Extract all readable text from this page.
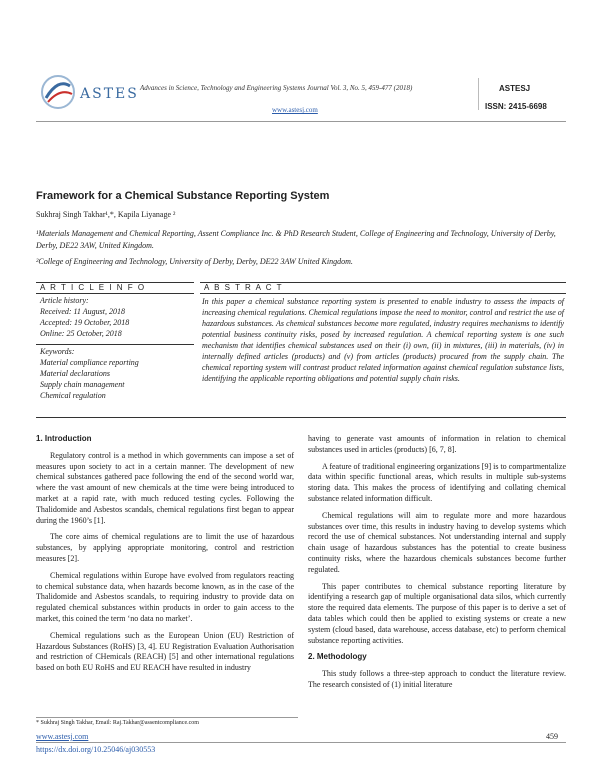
ASTES Advances in Science, Technology and Engineering Systems Journal Vol. 3, No. 5, 459-477 (2018)
www.astesj.com
ASTESJ
ISSN: 2415-6698
Framework for a Chemical Substance Reporting System
Sukhraj Singh Takhar¹,*, Kapila Liyanage ²
¹Materials Management and Chemical Reporting, Assent Compliance Inc. & PhD Research Student, College of Engineering and Technology, University of Derby, Derby, DE22 3AW, United Kingdom.
²College of Engineering and Technology, University of Derby, Derby, DE22 3AW United Kingdom.
A R T I C L E I N F O
Article history:
Received: 11 August, 2018
Accepted: 19 October, 2018
Online: 25 October, 2018
Keywords:
Material compliance reporting
Material declarations
Supply chain management
Chemical regulation
A B S T R A C T
In this paper a chemical substance reporting system is presented to enable industry to assess the impacts of increasing chemical regulations. Chemical regulations impose the need to monitor, control and restrict the use of hazardous substances. As chemical substances become more regulated, industry requires mechanisms to identify potential business continuity risks, posed by increased regulation. A chemical reporting system is one such mechanism that identifies chemical substances used on their (i) own, (ii) in mixtures, (iii) in materials, (iv) in internally defined articles (products) and (v) from articles (products) procured from the supply chain. The chemical reporting system will contrast product related information against chemical regulation substance lists, identifying the applicable reporting obligations and potential supply chain risks.
1. Introduction

Regulatory control is a method in which governments can impose a set of measures upon society to act in a certain manner. The development of new chemical substances gathered pace following the end of the second world war, where the vast amount of new chemicals at the time were being introduced to market at a rapid rate, with much reduced testing cycles. Following the Thalidomide and Asbestos scandals, chemical regulations first began to appear during the 1960’s [1].

The core aims of chemical regulations are to limit the use of hazardous substances, by applying appropriate monitoring, control and restriction measures [2].

Chemical regulations within Europe have evolved from regulators reacting to chemical substance data, when hazards become known, as in the case of the Thalidomide and Asbestos scandals, to requiring industry to provide data on regulated chemical substances within products in order to gain access to the market, this coined the term ‘no data no market’.

Chemical regulations such as the European Union (EU) Restriction of Hazardous Substances (RoHS) [3, 4]. EU Registration Evaluation Authorisation and restriction of CHemicals (REACH) [5] and other international regulations based on both EU RoHS and EU REACH have resulted in industry

* Sukhraj Singh Takhar, Email: Raj.Takhar@assentcompliance.com

having to generate vast amounts of information in relation to chemical substances used in articles (products) [6, 7, 8].

A feature of traditional engineering organizations [9] is to compartmentalize data within specific functional areas, which results in multiple sub-systems storing data. This makes the process of identifying and collating chemical substance related information difficult.

Chemical regulations will aim to regulate more and more hazardous substances over time, this results in industry having to develop systems which record the use of chemical substances. Not understanding internal and supply chain usage of hazardous substances has the potential to create business continuity risks, where the hazardous chemicals substances become further regulated.

This paper contributes to chemical substance reporting literature by identifying a research gap of multiple organisational data silos, which currently store the required data elements. The purpose of this paper is to derive a set of data tables which could then be applied to existing systems or create a new system (cloud based, data warehouse, access database, etc) to perform chemical substance reporting activities.

2. Methodology

This study follows a three-step approach to conduct the literature review. The research consisted of (1) initial literature

www.astesj.com	459
https://dx.doi.org/10.25046/aj030553
